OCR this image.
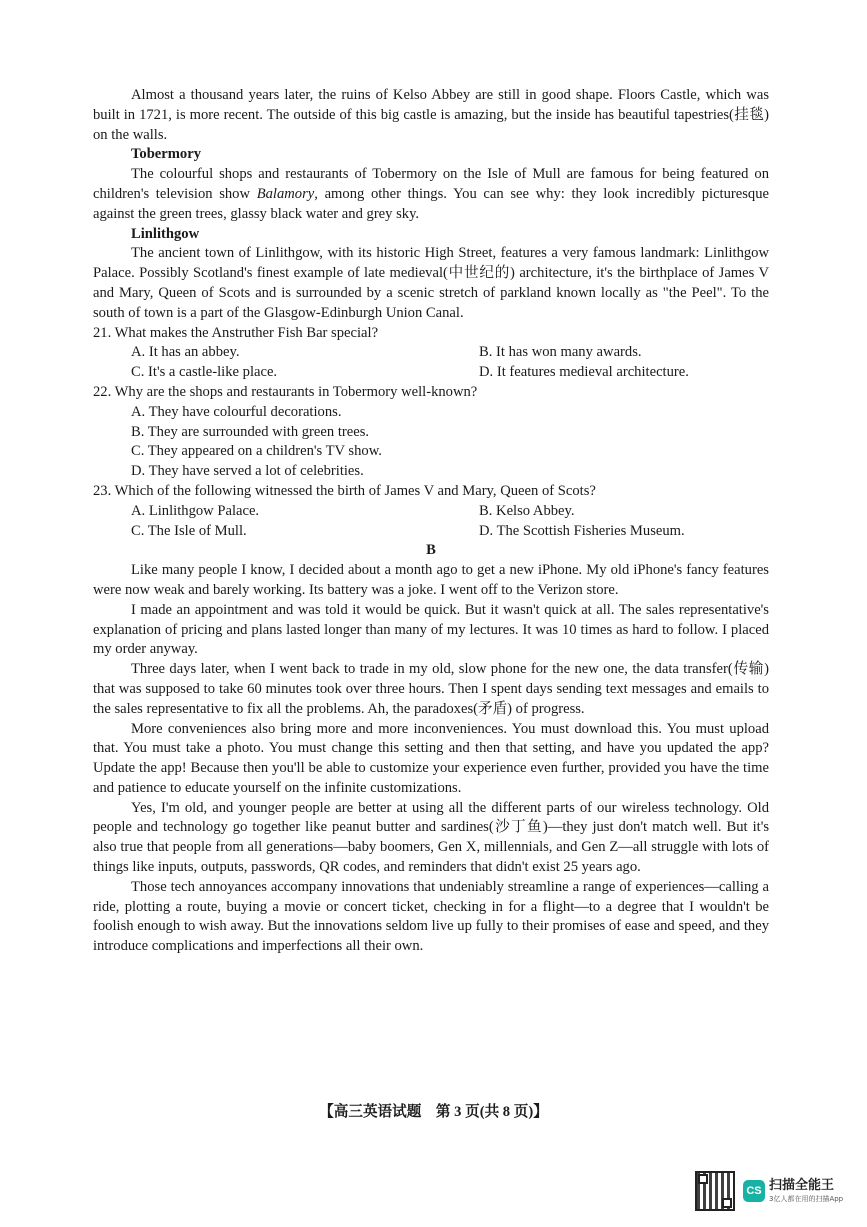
Almost a thousand years later, the ruins of Kelso Abbey are still in good shape. Floors Castle, which was built in 1721, is more recent. The outside of this big castle is amazing, but the inside has beautiful tapestries(挂毯) on the walls.

Tobermory

The colourful shops and restaurants of Tobermory on the Isle of Mull are famous for being featured on children's television show Balamory, among other things. You can see why: they look incredibly picturesque against the green trees, glassy black water and grey sky.

Linlithgow

The ancient town of Linlithgow, with its historic High Street, features a very famous landmark: Linlithgow Palace. Possibly Scotland's finest example of late medieval(中世纪的) architecture, it's the birthplace of James V and Mary, Queen of Scots and is surrounded by a scenic stretch of parkland known locally as "the Peel". To the south of town is a part of the Glasgow-Edinburgh Union Canal.

21. What makes the Anstruther Fish Bar special?

A. It has an abbey.	B. It has won many awards.

C. It's a castle-like place.	D. It features medieval architecture.

22. Why are the shops and restaurants in Tobermory well-known?

A. They have colourful decorations.

B. They are surrounded with green trees.

C. They appeared on a children's TV show.

D. They have served a lot of celebrities.

23. Which of the following witnessed the birth of James V and Mary, Queen of Scots?

A. Linlithgow Palace.	B. Kelso Abbey.

C. The Isle of Mull.	D. The Scottish Fisheries Museum.

B

Like many people I know, I decided about a month ago to get a new iPhone. My old iPhone's fancy features were now weak and barely working. Its battery was a joke. I went off to the Verizon store.

I made an appointment and was told it would be quick. But it wasn't quick at all. The sales representative's explanation of pricing and plans lasted longer than many of my lectures. It was 10 times as hard to follow. I placed my order anyway.

Three days later, when I went back to trade in my old, slow phone for the new one, the data transfer(传输) that was supposed to take 60 minutes took over three hours. Then I spent days sending text messages and emails to the sales representative to fix all the problems. Ah, the paradoxes(矛盾) of progress.

More conveniences also bring more and more inconveniences. You must download this. You must upload that. You must take a photo. You must change this setting and then that setting, and have you updated the app? Update the app! Because then you'll be able to customize your experience even further, provided you have the time and patience to educate yourself on the infinite customizations.

Yes, I'm old, and younger people are better at using all the different parts of our wireless technology. Old people and technology go together like peanut butter and sardines(沙丁鱼)—they just don't match well. But it's also true that people from all generations—baby boomers, Gen X, millennials, and Gen Z—all struggle with lots of things like inputs, outputs, passwords, QR codes, and reminders that didn't exist 25 years ago.

Those tech annoyances accompany innovations that undeniably streamline a range of experiences—calling a ride, plotting a route, buying a movie or concert ticket, checking in for a flight—to a degree that I wouldn't be foolish enough to wish away. But the innovations seldom live up fully to their promises of ease and speed, and they introduce complications and imperfections all their own.

【高三英语试题　第 3 页(共 8 页)】
CS 扫描全能王
3亿人都在用的扫描App
